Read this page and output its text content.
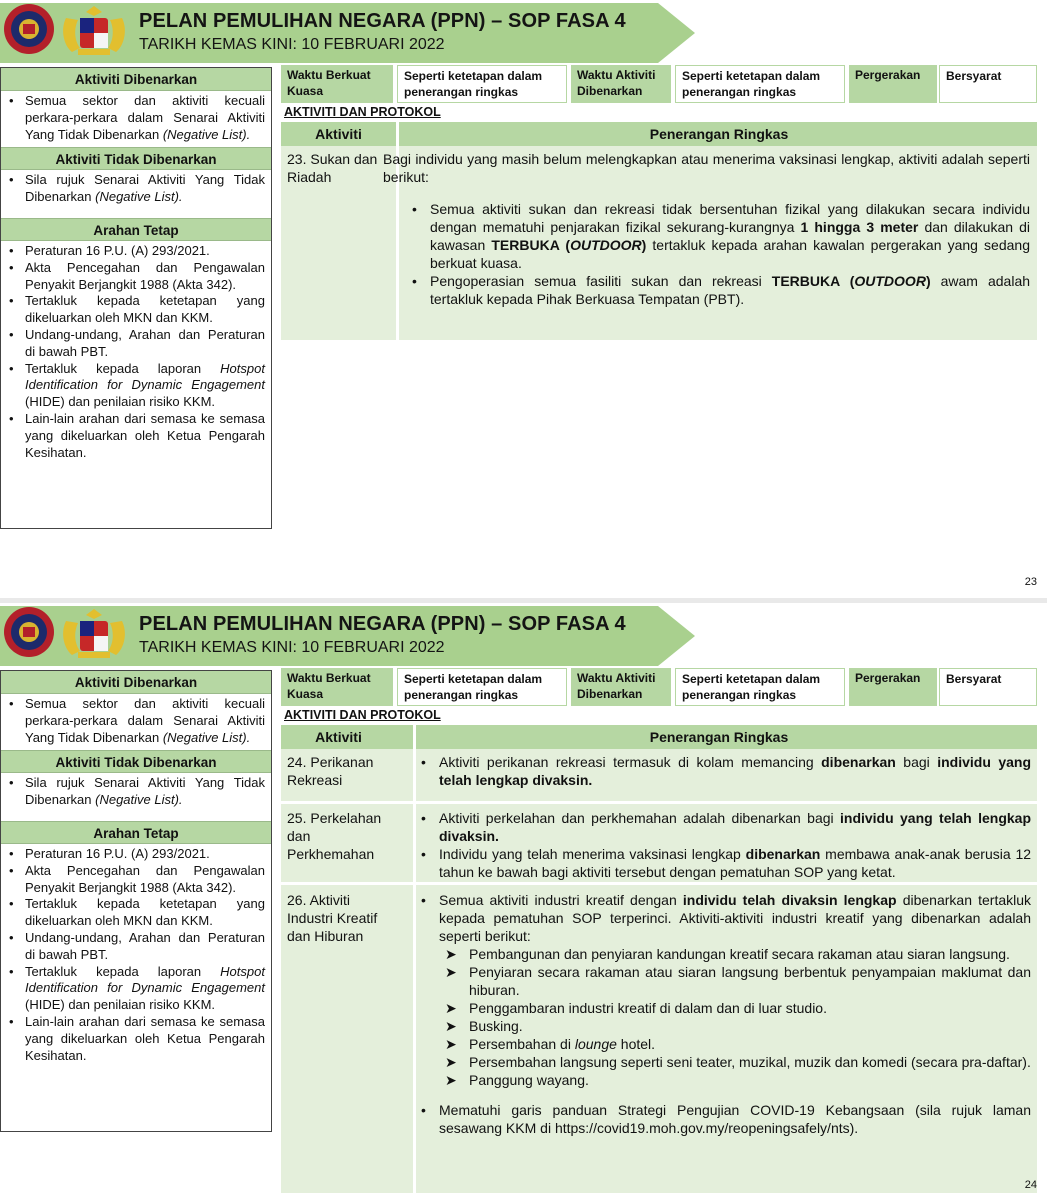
PELAN PEMULIHAN NEGARA (PPN) – SOP FASA 4
TARIKH KEMAS KINI: 10 FEBRUARI 2022
Aktiviti Dibenarkan
• Semua sektor dan aktiviti kecuali perkara-perkara dalam Senarai Aktiviti Yang Tidak Dibenarkan (Negative List).
Aktiviti Tidak Dibenarkan
• Sila rujuk Senarai Aktiviti Yang Tidak Dibenarkan (Negative List).
Arahan Tetap
• Peraturan 16 P.U. (A) 293/2021.
• Akta Pencegahan dan Pengawalan Penyakit Berjangkit 1988 (Akta 342).
• Tertakluk kepada ketetapan yang dikeluarkan oleh MKN dan KKM.
• Undang-undang, Arahan dan Peraturan di bawah PBT.
• Tertakluk kepada laporan Hotspot Identification for Dynamic Engagement (HIDE) dan penilaian risiko KKM.
• Lain-lain arahan dari semasa ke semasa yang dikeluarkan oleh Ketua Pengarah Kesihatan.
Waktu Berkuat Kuasa
Seperti ketetapan dalam penerangan ringkas
Waktu Aktiviti Dibenarkan
Seperti ketetapan dalam penerangan ringkas
Pergerakan	Bersyarat
AKTIVITI DAN PROTOKOL
Aktiviti	Penerangan Ringkas
23. Sukan dan Riadah
Bagi individu yang masih belum melengkapkan atau menerima vaksinasi lengkap, aktiviti adalah seperti berikut:
• Semua aktiviti sukan dan rekreasi tidak bersentuhan fizikal yang dilakukan secara individu dengan mematuhi penjarakan fizikal sekurang-kurangnya 1 hingga 3 meter dan dilakukan di kawasan TERBUKA (OUTDOOR) tertakluk kepada arahan kawalan pergerakan yang sedang berkuat kuasa.
• Pengoperasian semua fasiliti sukan dan rekreasi TERBUKA (OUTDOOR) awam adalah tertakluk kepada Pihak Berkuasa Tempatan (PBT).
23
PELAN PEMULIHAN NEGARA (PPN) – SOP FASA 4
TARIKH KEMAS KINI: 10 FEBRUARI 2022
Aktiviti Dibenarkan
• Semua sektor dan aktiviti kecuali perkara-perkara dalam Senarai Aktiviti Yang Tidak Dibenarkan (Negative List).
Aktiviti Tidak Dibenarkan
• Sila rujuk Senarai Aktiviti Yang Tidak Dibenarkan (Negative List).
Arahan Tetap
• Peraturan 16 P.U. (A) 293/2021.
• Akta Pencegahan dan Pengawalan Penyakit Berjangkit 1988 (Akta 342).
• Tertakluk kepada ketetapan yang dikeluarkan oleh MKN dan KKM.
• Undang-undang, Arahan dan Peraturan di bawah PBT.
• Tertakluk kepada laporan Hotspot Identification for Dynamic Engagement (HIDE) dan penilaian risiko KKM.
• Lain-lain arahan dari semasa ke semasa yang dikeluarkan oleh Ketua Pengarah Kesihatan.
Waktu Berkuat Kuasa
Seperti ketetapan dalam penerangan ringkas
Waktu Aktiviti Dibenarkan
Seperti ketetapan dalam penerangan ringkas
Pergerakan	Bersyarat
AKTIVITI DAN PROTOKOL
Aktiviti	Penerangan Ringkas
24. Perikanan Rekreasi
• Aktiviti perikanan rekreasi termasuk di kolam memancing dibenarkan bagi individu yang telah lengkap divaksin.
25. Perkelahan dan Perkhemahan
• Aktiviti perkelahan dan perkhemahan adalah dibenarkan bagi individu yang telah lengkap divaksin.
• Individu yang telah menerima vaksinasi lengkap dibenarkan membawa anak-anak berusia 12 tahun ke bawah bagi aktiviti tersebut dengan pematuhan SOP yang ketat.
26. Aktiviti Industri Kreatif dan Hiburan
• Semua aktiviti industri kreatif dengan individu telah divaksin lengkap dibenarkan tertakluk kepada pematuhan SOP terperinci. Aktiviti-aktiviti industri kreatif yang dibenarkan adalah seperti berikut:
➤ Pembangunan dan penyiaran kandungan kreatif secara rakaman atau siaran langsung.
➤ Penyiaran secara rakaman atau siaran langsung berbentuk penyampaian maklumat dan hiburan.
➤ Penggambaran industri kreatif di dalam dan di luar studio.
➤ Busking.
➤ Persembahan di lounge hotel.
➤ Persembahan langsung seperti seni teater, muzikal, muzik dan komedi (secara pra-daftar).
➤ Panggung wayang.
• Mematuhi garis panduan Strategi Pengujian COVID-19 Kebangsaan (sila rujuk laman sesawang KKM di https://covid19.moh.gov.my/reopeningsafely/nts).
24
